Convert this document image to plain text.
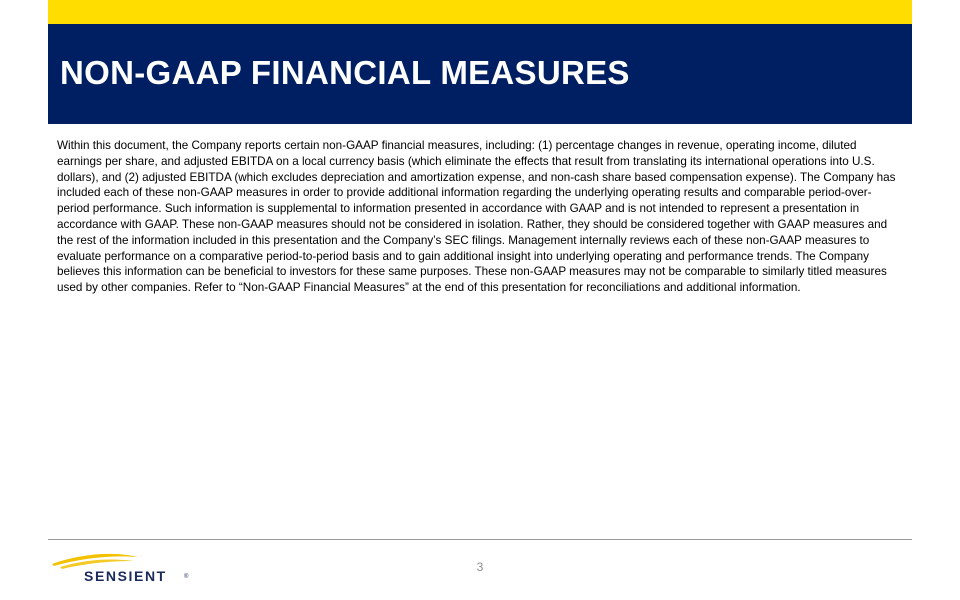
NON-GAAP FINANCIAL MEASURES

Within this document, the Company reports certain non-GAAP financial measures, including: (1) percentage changes in revenue, operating income, diluted earnings per share, and adjusted EBITDA on a local currency basis (which eliminate the effects that result from translating its international operations into U.S. dollars), and (2) adjusted EBITDA (which excludes depreciation and amortization expense, and non-cash share based compensation expense). The Company has included each of these non-GAAP measures in order to provide additional information regarding the underlying operating results and comparable period-over-period performance. Such information is supplemental to information presented in accordance with GAAP and is not intended to represent a presentation in accordance with GAAP. These non-GAAP measures should not be considered in isolation. Rather, they should be considered together with GAAP measures and the rest of the information included in this presentation and the Company’s SEC filings. Management internally reviews each of these non-GAAP measures to evaluate performance on a comparative period-to-period basis and to gain additional insight into underlying operating and performance trends. The Company believes this information can be beneficial to investors for these same purposes. These non-GAAP measures may not be comparable to similarly titled measures used by other companies. Refer to “Non-GAAP Financial Measures” at the end of this presentation for reconciliations and additional information.

SENSIENT	®
3
